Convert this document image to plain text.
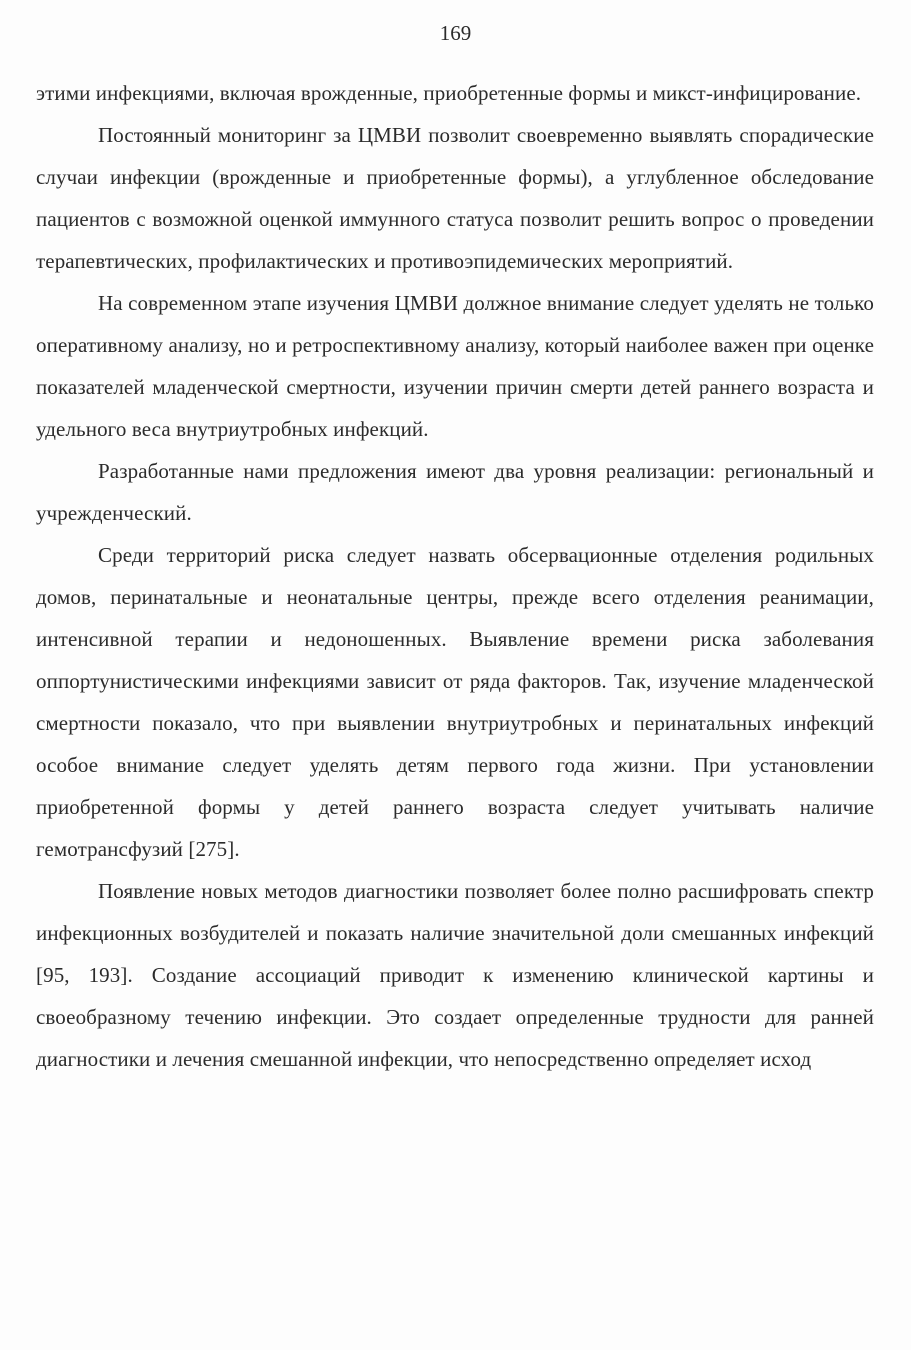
169

этими инфекциями, включая врожденные, приобретенные формы и микст-инфицирование.

Постоянный мониторинг за ЦМВИ позволит своевременно выявлять спорадические случаи инфекции (врожденные и приобретенные формы), а углубленное обследование пациентов с возможной оценкой иммунного статуса позволит решить вопрос о проведении терапевтических, профилактических и противоэпидемических мероприятий.

На современном этапе изучения ЦМВИ должное внимание следует уделять не только оперативному анализу, но и ретроспективному анализу, который наиболее важен при оценке показателей младенческой смертности, изучении причин смерти детей раннего возраста и удельного веса внутриутробных инфекций.

Разработанные нами предложения имеют два уровня реализации: региональный и учрежденческий.

Среди территорий риска следует назвать обсервационные отделения родильных домов, перинатальные и неонатальные центры, прежде всего отделения реанимации, интенсивной терапии и недоношенных. Выявление времени риска заболевания оппортунистическими инфекциями зависит от ряда факторов. Так, изучение младенческой смертности показало, что при выявлении внутриутробных и перинатальных инфекций особое внимание следует уделять детям первого года жизни. При установлении приобретенной формы у детей раннего возраста следует учитывать наличие гемотрансфузий [275].

Появление новых методов диагностики позволяет более полно расшифровать спектр инфекционных возбудителей и показать наличие значительной доли смешанных инфекций [95, 193]. Создание ассоциаций приводит к изменению клинической картины и своеобразному течению инфекции. Это создает определенные трудности для ранней диагностики и лечения смешанной инфекции, что непосредственно определяет исход
